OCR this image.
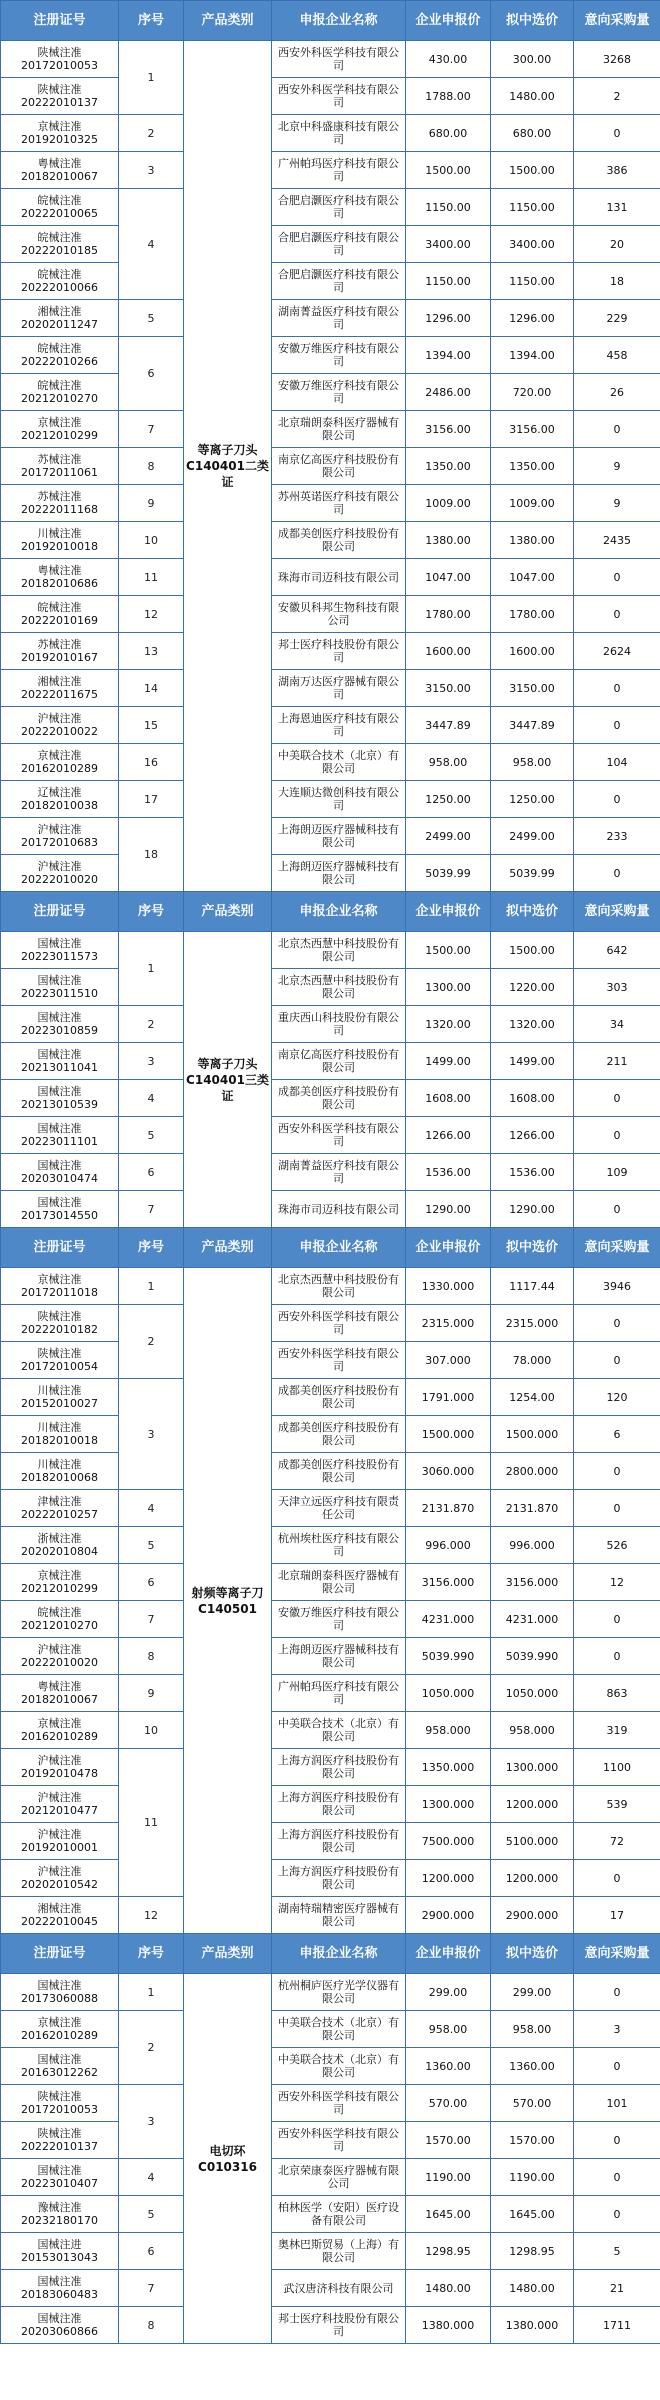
注册证号	序号	产品类别	申报企业名称	企业申报价	拟中选价	意向采购量
陕械注准20172010053	1	等离子刀头C140401二类证	西安外科医学科技有限公司	430.00	300.00	3268
陕械注准20222010137			西安外科医学科技有限公司	1788.00	1480.00	2
京械注准20192010325	2		北京中科盛康科技有限公司	680.00	680.00	0
粤械注准20182010067	3		广州帕玛医疗科技有限公司	1500.00	1500.00	386
皖械注准20222010065	4		合肥启灏医疗科技有限公司	1150.00	1150.00	131
皖械注准20222010185			合肥启灏医疗科技有限公司	3400.00	3400.00	20
皖械注准20222010066			合肥启灏医疗科技有限公司	1150.00	1150.00	18
湘械注准20202011247	5		湖南菁益医疗科技有限公司	1296.00	1296.00	229
皖械注准20222010266	6		安徽万维医疗科技有限公司	1394.00	1394.00	458
皖械注准20212010270			安徽万维医疗科技有限公司	2486.00	720.00	26
京械注准20212010299	7		北京瑞朗泰科医疗器械有限公司	3156.00	3156.00	0
苏械注准20172011061	8		南京亿高医疗科技股份有限公司	1350.00	1350.00	9
苏械注准20222011168	9		苏州英诺医疗科技有限公司	1009.00	1009.00	9
川械注准20192010018	10		成都美创医疗科技股份有限公司	1380.00	1380.00	2435
粤械注准20182010686	11		珠海市司迈科技有限公司	1047.00	1047.00	0
皖械注准20222010169	12		安徽贝科邦生物科技有限公司	1780.00	1780.00	0
苏械注准20192010167	13		邦士医疗科技股份有限公司	1600.00	1600.00	2624
湘械注准20222011675	14		湖南万达医疗器械有限公司	3150.00	3150.00	0
沪械注准20222010022	15		上海恩迪医疗科技有限公司	3447.89	3447.89	0
京械注准20162010289	16		中美联合技术（北京）有限公司	958.00	958.00	104
辽械注准20182010038	17		大连顺达微创科技有限公司	1250.00	1250.00	0
沪械注准20172010683	18		上海朗迈医疗器械科技有限公司	2499.00	2499.00	233
沪械注准20222010020			上海朗迈医疗器械科技有限公司	5039.99	5039.99	0
注册证号	序号	产品类别	申报企业名称	企业申报价	拟中选价	意向采购量
国械注准20223011573	1	等离子刀头C140401三类证	北京杰西慧中科技股份有限公司	1500.00	1500.00	642
国械注准20223011510			北京杰西慧中科技股份有限公司	1300.00	1220.00	303
国械注准20223010859	2		重庆西山科技股份有限公司	1320.00	1320.00	34
国械注准20213011041	3		南京亿高医疗科技股份有限公司	1499.00	1499.00	211
国械注准20213010539	4		成都美创医疗科技股份有限公司	1608.00	1608.00	0
国械注准20223011101	5		西安外科医学科技有限公司	1266.00	1266.00	0
国械注准20203010474	6		湖南菁益医疗科技有限公司	1536.00	1536.00	109
国械注准20173014550	7		珠海市司迈科技有限公司	1290.00	1290.00	0
注册证号	序号	产品类别	申报企业名称	企业申报价	拟中选价	意向采购量
京械注准20172011018	1	射频等离子刀C140501	北京杰西慧中科技股份有限公司	1330.000	1117.44	3946
陕械注准20222010182	2		西安外科医学科技有限公司	2315.000	2315.000	0
陕械注准20172010054			西安外科医学科技有限公司	307.000	78.000	0
川械注准20152010027	3		成都美创医疗科技股份有限公司	1791.000	1254.00	120
川械注准20182010018			成都美创医疗科技股份有限公司	1500.000	1500.000	6
川械注准20182010068			成都美创医疗科技股份有限公司	3060.000	2800.000	0
津械注准20222010257	4		天津立远医疗科技有限责任公司	2131.870	2131.870	0
浙械注准20202010804	5		杭州埃杜医疗科技有限公司	996.000	996.000	526
京械注准20212010299	6		北京瑞朗泰科医疗器械有限公司	3156.000	3156.000	12
皖械注准20212010270	7		安徽万维医疗科技有限公司	4231.000	4231.000	0
沪械注准20222010020	8		上海朗迈医疗器械科技有限公司	5039.990	5039.990	0
粤械注准20182010067	9		广州帕玛医疗科技有限公司	1050.000	1050.000	863
京械注准20162010289	10		中美联合技术（北京）有限公司	958.000	958.000	319
沪械注准20192010478	11		上海方润医疗科技股份有限公司	1350.000	1300.000	1100
沪械注准20212010477			上海方润医疗科技股份有限公司	1300.000	1200.000	539
沪械注准20192010001			上海方润医疗科技股份有限公司	7500.000	5100.000	72
沪械注准20202010542			上海方润医疗科技股份有限公司	1200.000	1200.000	0
湘械注准20222010045	12		湖南特瑞精密医疗器械有限公司	2900.000	2900.000	17
注册证号	序号	产品类别	申报企业名称	企业申报价	拟中选价	意向采购量
国械注准20173060088	1	电切环C010316	杭州桐庐医疗光学仪器有限公司	299.00	299.00	0
京械注准20162010289	2		中美联合技术（北京）有限公司	958.00	958.00	3
国械注准20163012262			中美联合技术（北京）有限公司	1360.00	1360.00	0
陕械注准20172010053	3		西安外科医学科技有限公司	570.00	570.00	101
陕械注准20222010137			西安外科医学科技有限公司	1570.00	1570.00	0
国械注准20223010407	4		北京荣康泰医疗器械有限公司	1190.00	1190.00	0
豫械注准20232180170	5		柏林医学（安阳）医疗设备有限公司	1645.00	1645.00	0
国械注进20153013043	6		奥林巴斯贸易（上海）有限公司	1298.95	1298.95	5
国械注准20183060483	7		武汉唐济科技有限公司	1480.00	1480.00	21
国械注准20203060866	8		邦士医疗科技股份有限公司	1380.000	1380.000	1711
